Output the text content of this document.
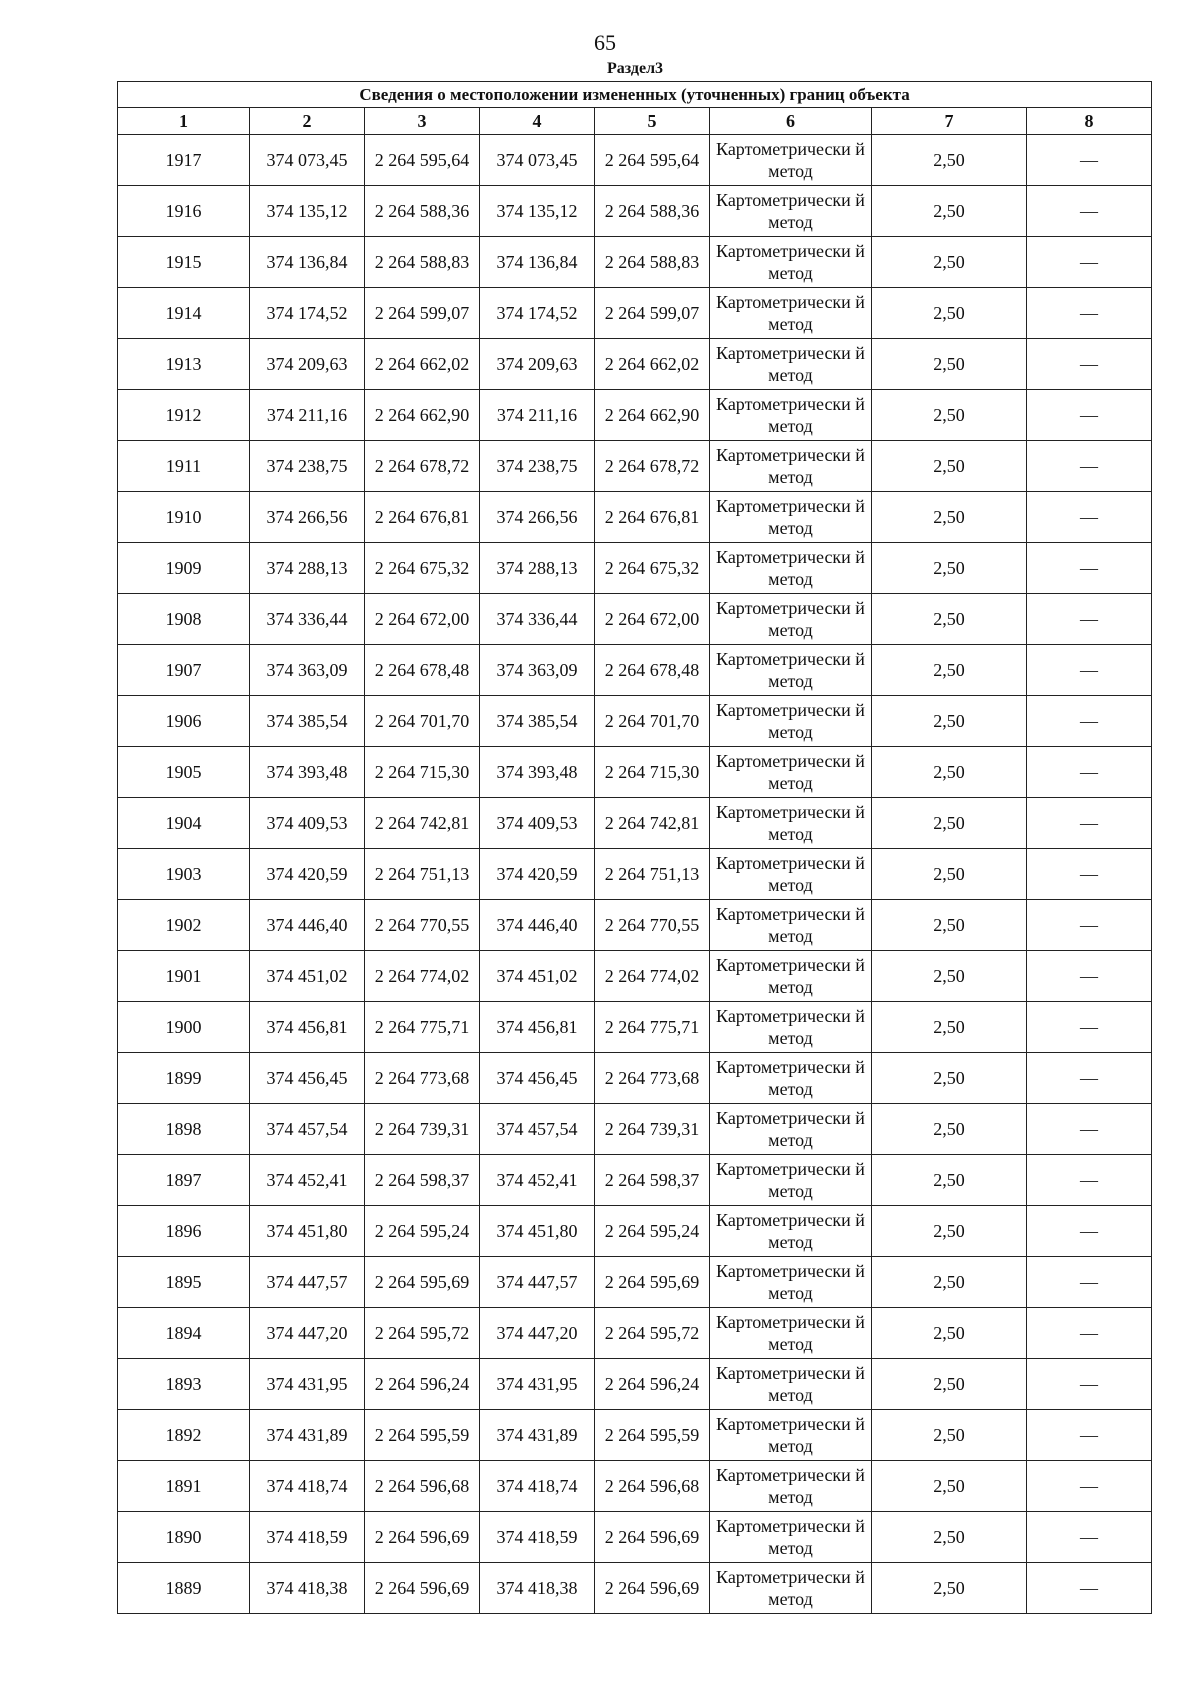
65
Раздел3
Сведения о местоположении измененных (уточненных) границ объекта							
1	2	3	4	5	6	7	8
1917	374 073,45	2 264 595,64	374 073,45	2 264 595,64	Картометрически й метод	2,50	—
1916	374 135,12	2 264 588,36	374 135,12	2 264 588,36	Картометрически й метод	2,50	—
1915	374 136,84	2 264 588,83	374 136,84	2 264 588,83	Картометрически й метод	2,50	—
1914	374 174,52	2 264 599,07	374 174,52	2 264 599,07	Картометрически й метод	2,50	—
1913	374 209,63	2 264 662,02	374 209,63	2 264 662,02	Картометрически й метод	2,50	—
1912	374 211,16	2 264 662,90	374 211,16	2 264 662,90	Картометрически й метод	2,50	—
1911	374 238,75	2 264 678,72	374 238,75	2 264 678,72	Картометрически й метод	2,50	—
1910	374 266,56	2 264 676,81	374 266,56	2 264 676,81	Картометрически й метод	2,50	—
1909	374 288,13	2 264 675,32	374 288,13	2 264 675,32	Картометрически й метод	2,50	—
1908	374 336,44	2 264 672,00	374 336,44	2 264 672,00	Картометрически й метод	2,50	—
1907	374 363,09	2 264 678,48	374 363,09	2 264 678,48	Картометрически й метод	2,50	—
1906	374 385,54	2 264 701,70	374 385,54	2 264 701,70	Картометрически й метод	2,50	—
1905	374 393,48	2 264 715,30	374 393,48	2 264 715,30	Картометрически й метод	2,50	—
1904	374 409,53	2 264 742,81	374 409,53	2 264 742,81	Картометрически й метод	2,50	—
1903	374 420,59	2 264 751,13	374 420,59	2 264 751,13	Картометрически й метод	2,50	—
1902	374 446,40	2 264 770,55	374 446,40	2 264 770,55	Картометрически й метод	2,50	—
1901	374 451,02	2 264 774,02	374 451,02	2 264 774,02	Картометрически й метод	2,50	—
1900	374 456,81	2 264 775,71	374 456,81	2 264 775,71	Картометрически й метод	2,50	—
1899	374 456,45	2 264 773,68	374 456,45	2 264 773,68	Картометрически й метод	2,50	—
1898	374 457,54	2 264 739,31	374 457,54	2 264 739,31	Картометрически й метод	2,50	—
1897	374 452,41	2 264 598,37	374 452,41	2 264 598,37	Картометрически й метод	2,50	—
1896	374 451,80	2 264 595,24	374 451,80	2 264 595,24	Картометрически й метод	2,50	—
1895	374 447,57	2 264 595,69	374 447,57	2 264 595,69	Картометрически й метод	2,50	—
1894	374 447,20	2 264 595,72	374 447,20	2 264 595,72	Картометрически й метод	2,50	—
1893	374 431,95	2 264 596,24	374 431,95	2 264 596,24	Картометрически й метод	2,50	—
1892	374 431,89	2 264 595,59	374 431,89	2 264 595,59	Картометрически й метод	2,50	—
1891	374 418,74	2 264 596,68	374 418,74	2 264 596,68	Картометрически й метод	2,50	—
1890	374 418,59	2 264 596,69	374 418,59	2 264 596,69	Картометрически й метод	2,50	—
1889	374 418,38	2 264 596,69	374 418,38	2 264 596,69	Картометрически й метод	2,50	—
